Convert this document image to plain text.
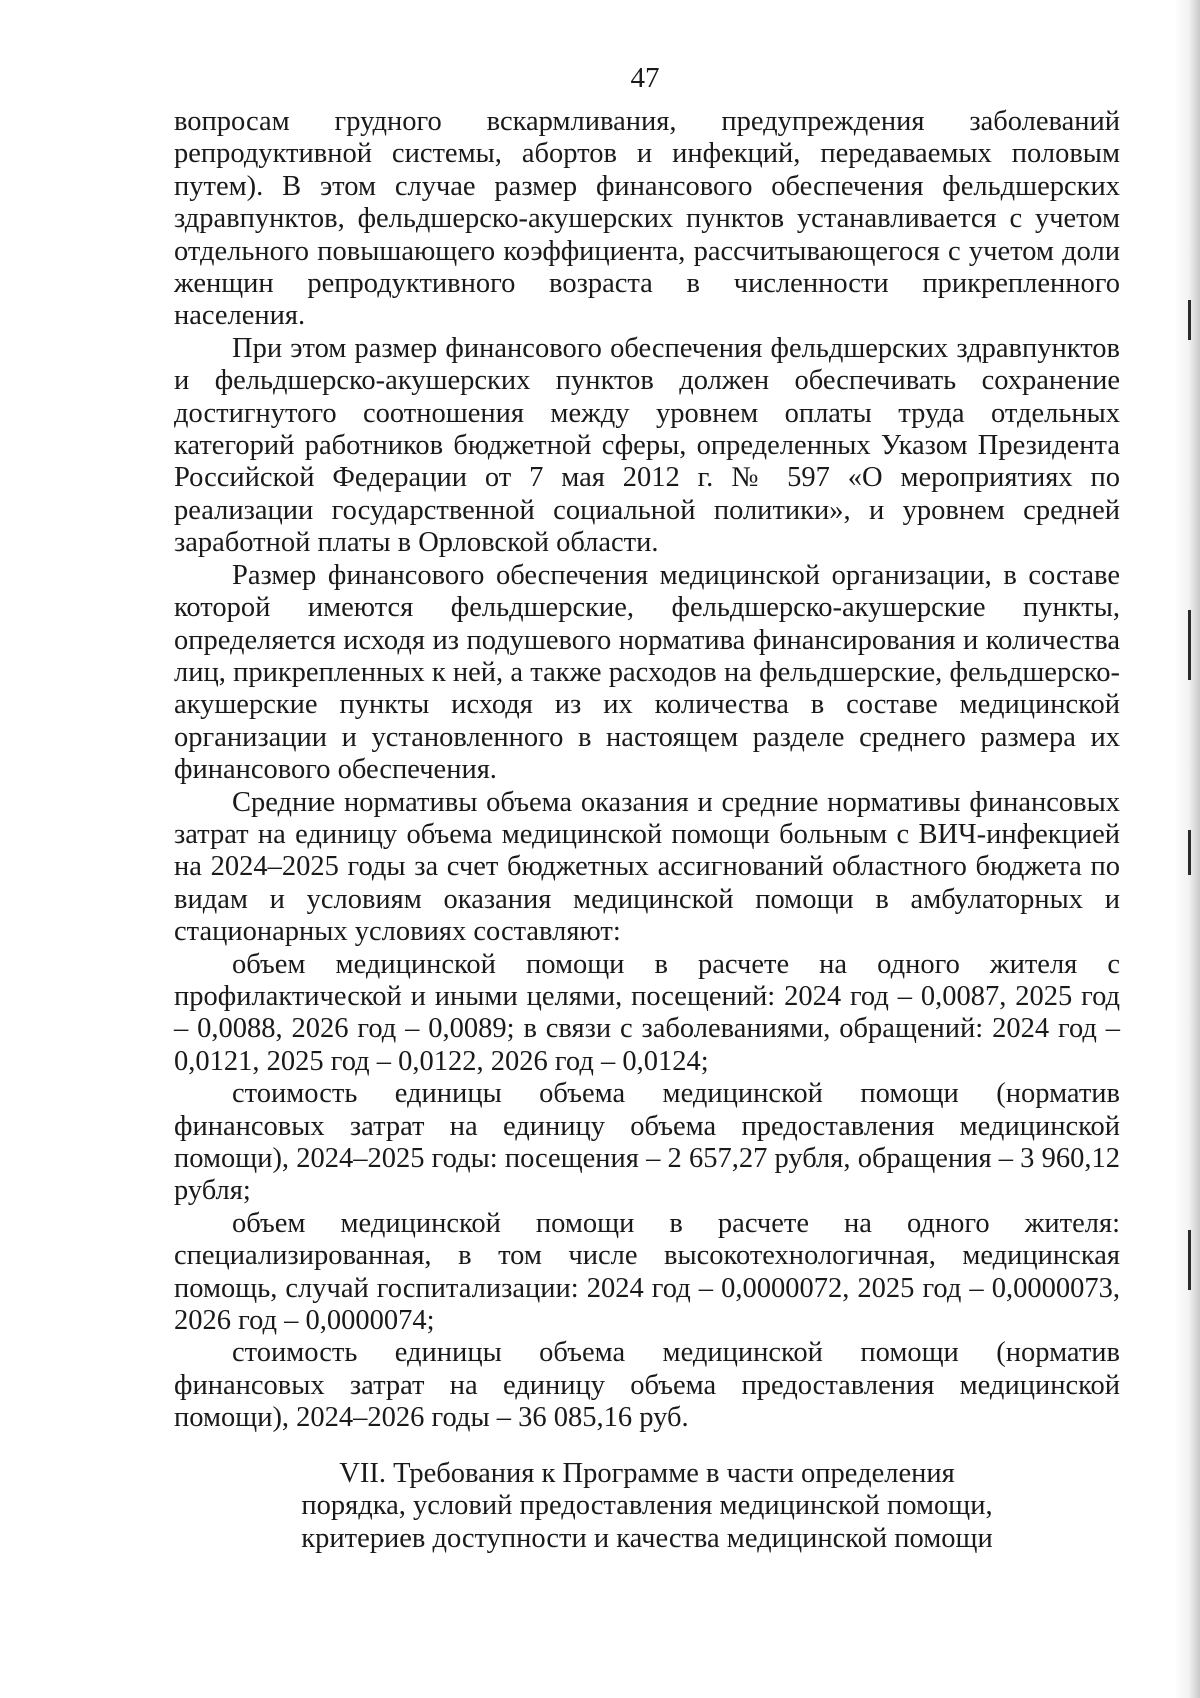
47

вопросам грудного вскармливания, предупреждения заболеваний репродуктивной системы, абортов и инфекций, передаваемых половым путем). В этом случае размер финансового обеспечения фельдшерских здравпунктов, фельдшерско-акушерских пунктов устанавливается с учетом отдельного повышающего коэффициента, рассчитывающегося с учетом доли женщин репродуктивного возраста в численности прикрепленного населения.

При этом размер финансового обеспечения фельдшерских здравпунктов и фельдшерско-акушерских пунктов должен обеспечивать сохранение достигнутого соотношения между уровнем оплаты труда отдельных категорий работников бюджетной сферы, определенных Указом Президента Российской Федерации от 7 мая 2012 г. № 597 «О мероприятиях по реализации государственной социальной политики», и уровнем средней заработной платы в Орловской области.

Размер финансового обеспечения медицинской организации, в составе которой имеются фельдшерские, фельдшерско-акушерские пункты, определяется исходя из подушевого норматива финансирования и количества лиц, прикрепленных к ней, а также расходов на фельдшерские, фельдшерско-акушерские пункты исходя из их количества в составе медицинской организации и установленного в настоящем разделе среднего размера их финансового обеспечения.

Средние нормативы объема оказания и средние нормативы финансовых затрат на единицу объема медицинской помощи больным с ВИЧ-инфекцией на 2024–2025 годы за счет бюджетных ассигнований областного бюджета по видам и условиям оказания медицинской помощи в амбулаторных и стационарных условиях составляют:

объем медицинской помощи в расчете на одного жителя с профилактической и иными целями, посещений: 2024 год – 0,0087, 2025 год – 0,0088, 2026 год – 0,0089; в связи с заболеваниями, обращений: 2024 год – 0,0121, 2025 год – 0,0122, 2026 год – 0,0124;

стоимость единицы объема медицинской помощи (норматив финансовых затрат на единицу объема предоставления медицинской помощи), 2024–2025 годы: посещения – 2 657,27 рубля, обращения – 3 960,12 рубля;

объем медицинской помощи в расчете на одного жителя: специализированная, в том числе высокотехнологичная, медицинская помощь, случай госпитализации: 2024 год – 0,0000072, 2025 год – 0,0000073, 2026 год – 0,0000074;

стоимость единицы объема медицинской помощи (норматив финансовых затрат на единицу объема предоставления медицинской помощи), 2024–2026 годы – 36 085,16 руб.

VII. Требования к Программе в части определения
порядка, условий предоставления медицинской помощи,
критериев доступности и качества медицинской помощи
